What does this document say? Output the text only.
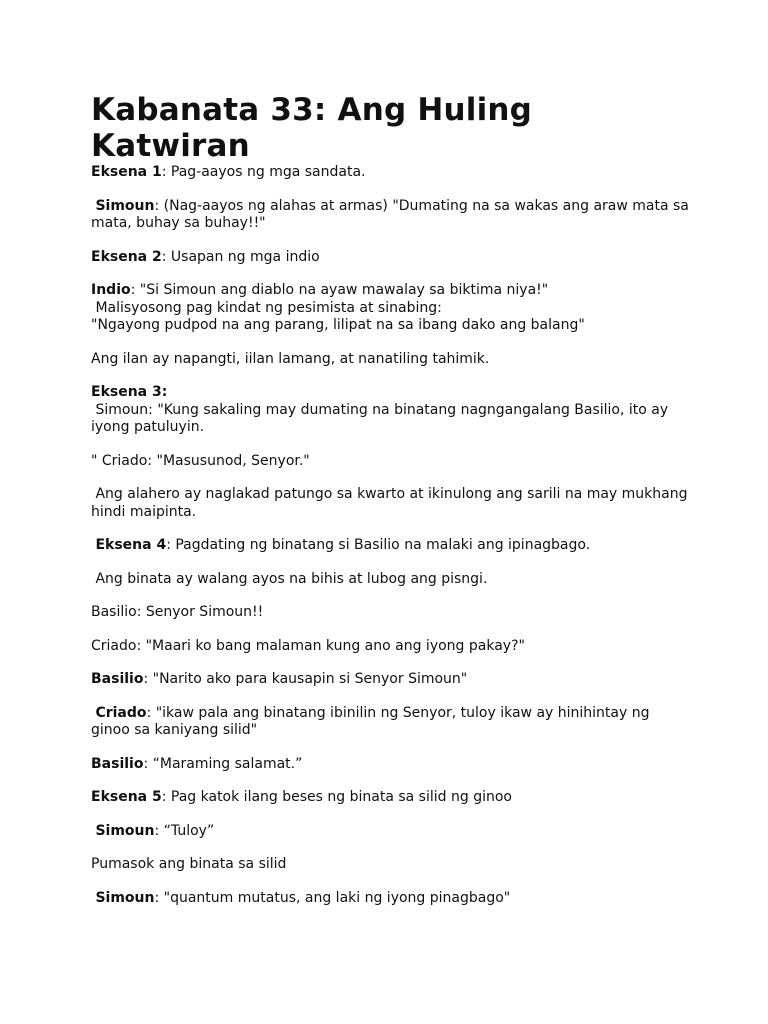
Kabanata 33: Ang Huling
Katwiran

Eksena 1: Pag-aayos ng mga sandata.

Simoun: (Nag-aayos ng alahas at armas) "Dumating na sa wakas ang araw mata sa mata, buhay sa buhay!!"

Eksena 2: Usapan ng mga indio

Indio: "Si Simoun ang diablo na ayaw mawalay sa biktima niya!"
Malisyosong pag kindat ng pesimista at sinabing:
"Ngayong pudpod na ang parang, lilipat na sa ibang dako ang balang"

Ang ilan ay napangti, iilan lamang, at nanatiling tahimik.

Eksena 3:
Simoun: "Kung sakaling may dumating na binatang nagngangalang Basilio, ito ay iyong patuluyin.

" Criado: "Masusunod, Senyor."

Ang alahero ay naglakad patungo sa kwarto at ikinulong ang sarili na may mukhang hindi maipinta.

Eksena 4: Pagdating ng binatang si Basilio na malaki ang ipinagbago.

Ang binata ay walang ayos na bihis at lubog ang pisngi.

Basilio: Senyor Simoun!!

Criado: "Maari ko bang malaman kung ano ang iyong pakay?"

Basilio: "Narito ako para kausapin si Senyor Simoun"

Criado: "ikaw pala ang binatang ibinilin ng Senyor, tuloy ikaw ay hinihintay ng ginoo sa kaniyang silid"

Basilio: “Maraming salamat.”

Eksena 5: Pag katok ilang beses ng binata sa silid ng ginoo

Simoun: “Tuloy”

Pumasok ang binata sa silid

Simoun: "quantum mutatus, ang laki ng iyong pinagbago"
